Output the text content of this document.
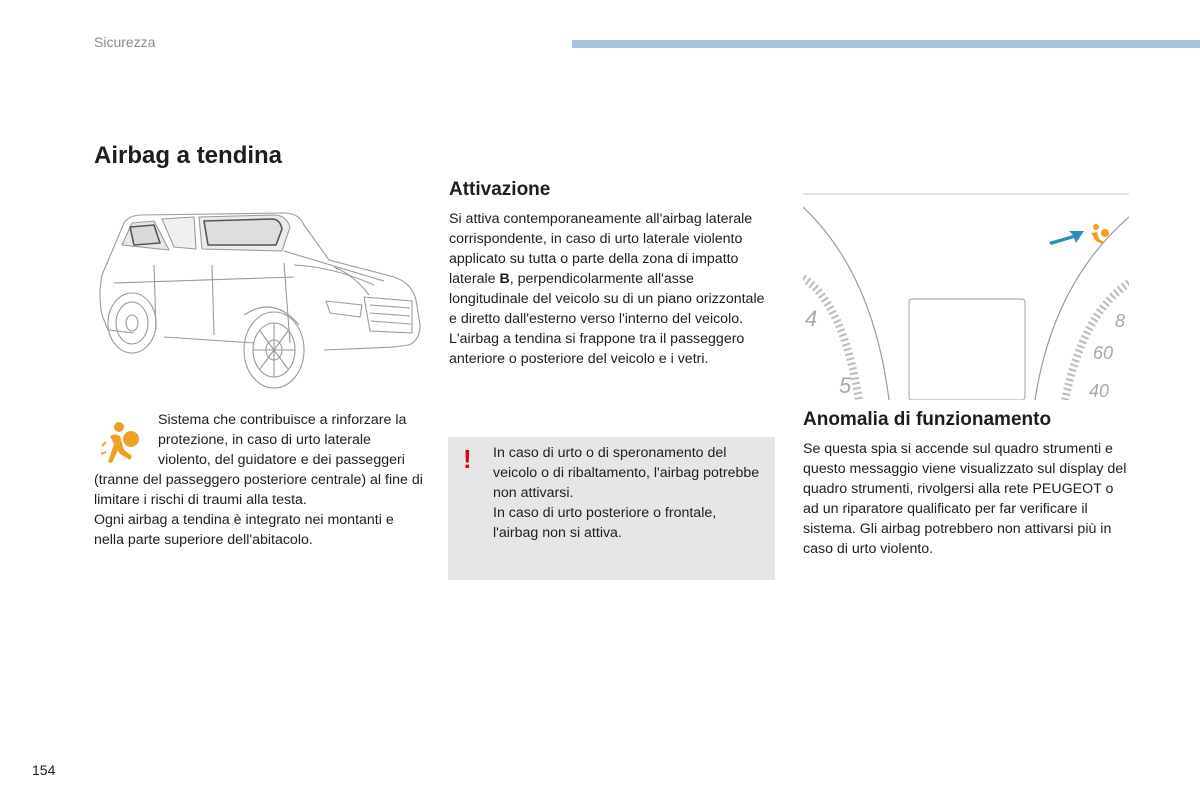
Sicurezza
Airbag a tendina

Sistema che contribuisce a rinforzare la protezione, in caso di urto laterale violento, del guidatore e dei passeggeri (tranne del passeggero posteriore centrale) al fine di limitare i rischi di traumi alla testa.

Ogni airbag a tendina è integrato nei montanti e nella parte superiore dell'abitacolo.

Attivazione

Si attiva contemporaneamente all'airbag laterale corrispondente, in caso di urto laterale violento applicato su tutta o parte della zona di impatto laterale B, perpendicolarmente all'asse longitudinale del veicolo su di un piano orizzontale e diretto dall'esterno verso l'interno del veicolo.

L'airbag a tendina si frappone tra il passeggero anteriore o posteriore del veicolo e i vetri.

! In caso di urto o di speronamento del veicolo o di ribaltamento, l'airbag potrebbe non attivarsi.

In caso di urto posteriore o frontale, l'airbag non si attiva.

4
5
8
60
40
Anomalia di funzionamento
Se questa spia si accende sul quadro strumenti e questo messaggio viene visualizzato sul display del quadro strumenti, rivolgersi alla rete PEUGEOT o ad un riparatore qualificato per far verificare il sistema. Gli airbag potrebbero non attivarsi più in caso di urto violento.
154
